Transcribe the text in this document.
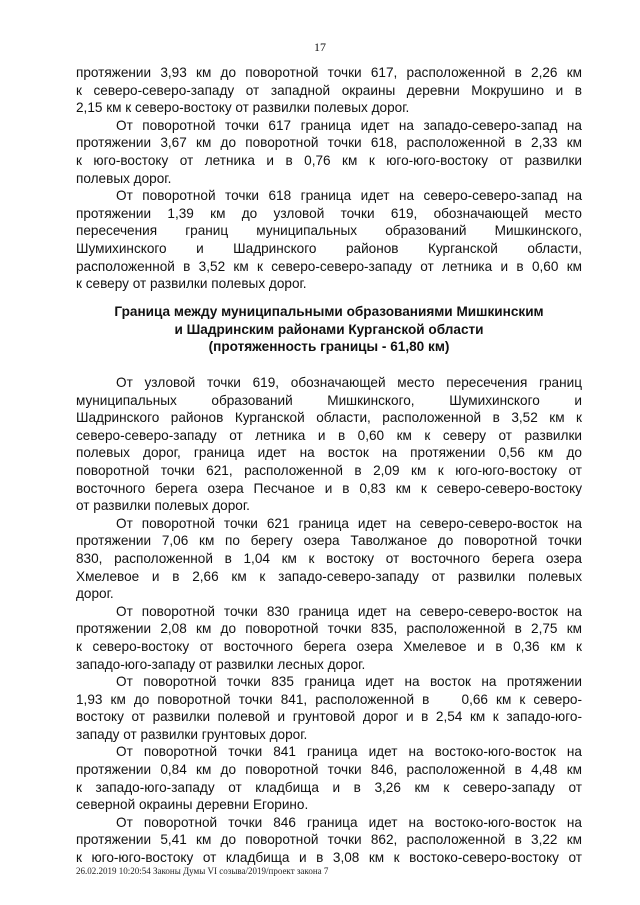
17
протяжении 3,93 км до поворотной точки 617, расположенной в 2,26 км
к северо-северо-западу от западной окраины деревни Мокрушино и в
2,15 км к северо-востоку от развилки полевых дорог.
От поворотной точки 617 граница идет на западо-северо-запад на
протяжении 3,67 км до поворотной точки 618, расположенной в 2,33 км
к юго-востоку от летника и в 0,76 км к юго-юго-востоку от развилки
полевых дорог.
От поворотной точки 618 граница идет на северо-северо-запад на
протяжении 1,39 км до узловой точки 619, обозначающей место
пересечения границ муниципальных образований Мишкинского,
Шумихинского и Шадринского районов Курганской области,
расположенной в 3,52 км к северо-северо-западу от летника и в 0,60 км
к северу от развилки полевых дорог.
Граница между муниципальными образованиями Мишкинским
и Шадринским районами Курганской области
(протяженность границы - 61,80 км)
От узловой точки 619, обозначающей место пересечения границ
муниципальных образований Мишкинского, Шумихинского и
Шадринского районов Курганской области, расположенной в 3,52 км к
северо-северо-западу от летника и в 0,60 км к северу от развилки
полевых дорог, граница идет на восток на протяжении 0,56 км до
поворотной точки 621, расположенной в 2,09 км к юго-юго-востоку от
восточного берега озера Песчаное и в 0,83 км к северо-северо-востоку
от развилки полевых дорог.
От поворотной точки 621 граница идет на северо-северо-восток на
протяжении 7,06 км по берегу озера Таволжаное до поворотной точки
830, расположенной в 1,04 км к востоку от восточного берега озера
Хмелевое и в 2,66 км к западо-северо-западу от развилки полевых
дорог.
От поворотной точки 830 граница идет на северо-северо-восток на
протяжении 2,08 км до поворотной точки 835, расположенной в 2,75 км
к северо-востоку от восточного берега озера Хмелевое и в 0,36 км к
западо-юго-западу от развилки лесных дорог.
От поворотной точки 835 граница идет на восток на протяжении
1,93 км до поворотной точки 841, расположенной в    0,66 км к северо-
востоку от развилки полевой и грунтовой дорог и в 2,54 км к западо-юго-
западу от развилки грунтовых дорог.
От поворотной точки 841 граница идет на востоко-юго-восток на
протяжении 0,84 км до поворотной точки 846, расположенной в 4,48 км
к западо-юго-западу от кладбища и в 3,26 км к северо-западу от
северной окраины деревни Егорино.
От поворотной точки 846 граница идет на востоко-юго-восток на
протяжении 5,41 км до поворотной точки 862, расположенной в 3,22 км
к юго-юго-востоку от кладбища и в 3,08 км к востоко-северо-востоку от
26.02.2019 10:20:54 Законы Думы VI созыва/2019/проект закона 7
